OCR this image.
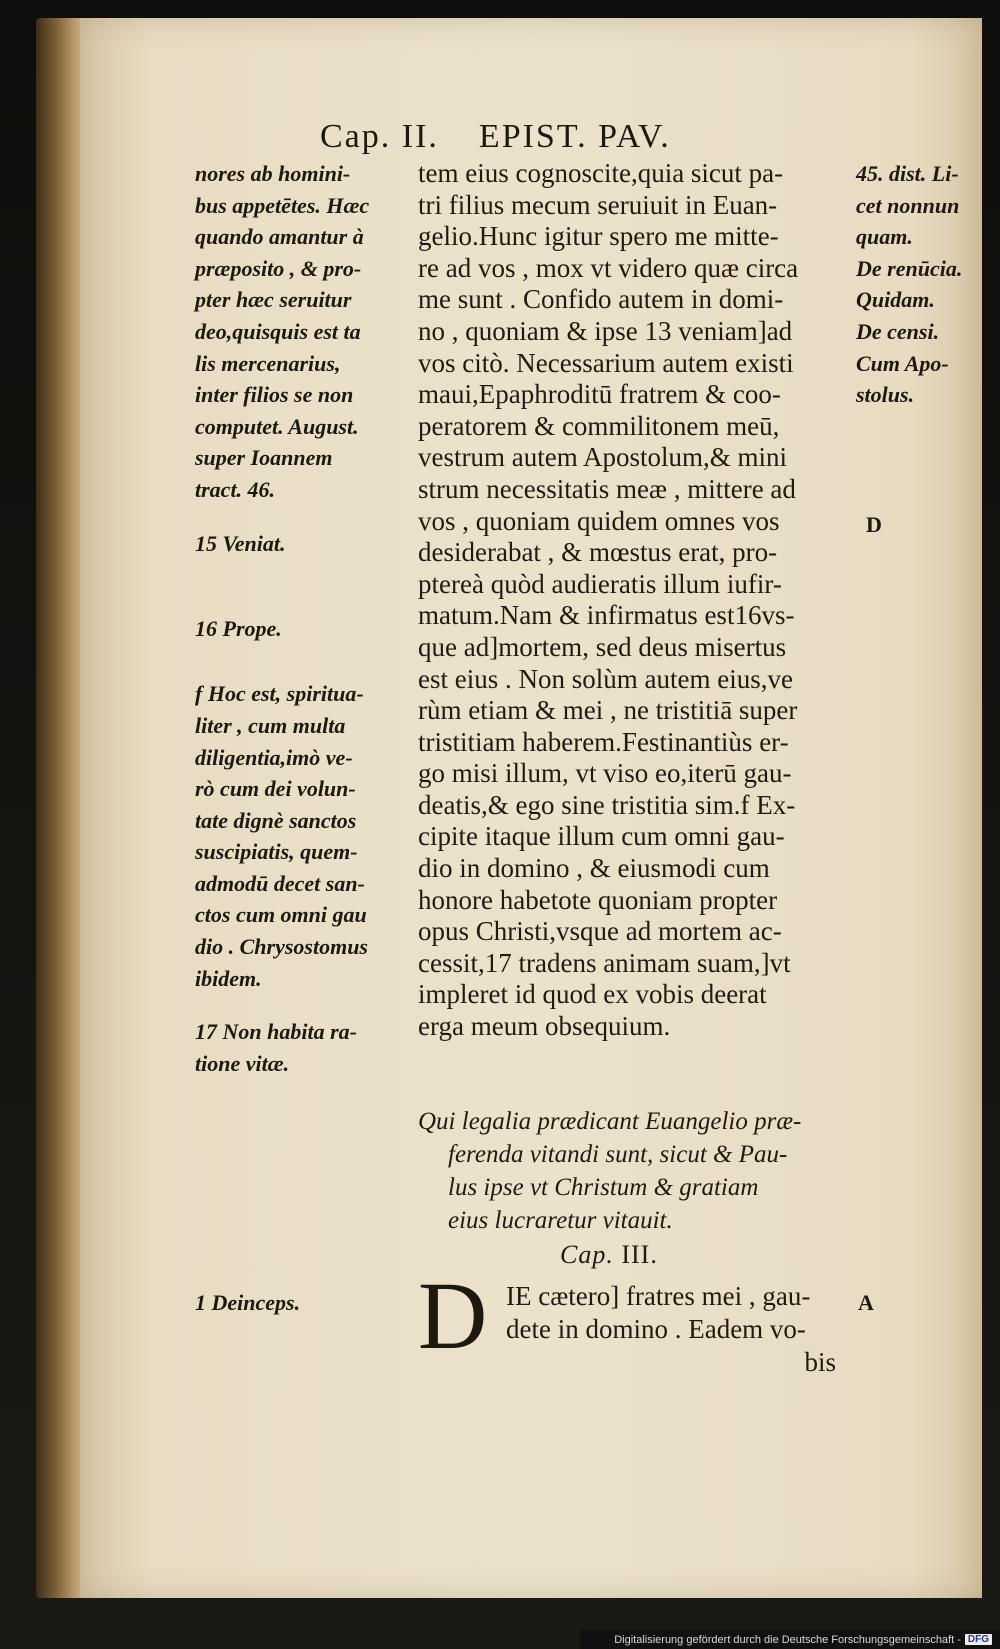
Cap. II. EPIST. PAV.
nores ab homini-
bus appetētes. Hæc
quando amantur à
præposito , & pro-
pter hæc seruitur
deo,quisquis est ta
lis mercenarius,
inter filios se non
computet. August.
super Ioannem
tract. 46.
15 Veniat.
16 Prope.
f Hoc est, spiritua-
liter , cum multa
diligentia,imò ve-
rò cum dei volun-
tate dignè sanctos
suscipiatis, quem-
admodū decet san-
ctos cum omni gau
dio . Chrysostomus
ibidem.
17 Non habita ra-
tione vitæ.
tem eius cognoscite,quia sicut pa-
tri filius mecum seruiuit in Euan-
gelio.Hunc igitur spero me mitte-
re ad vos , mox vt videro quæ circa
me sunt . Confido autem in domi-
no , quoniam & ipse 13 veniam]ad
vos citò. Necessarium autem existi
maui,Epaphroditū fratrem & coo-
peratorem & commilitonem meū,
vestrum autem Apostolum,& mini
strum necessitatis meæ , mittere ad
vos , quoniam quidem omnes vos
desiderabat , & mœstus erat, pro-
ptereà quòd audieratis illum iufir-
matum.Nam & infirmatus est16vs-
que ad]mortem, sed deus misertus
est eius . Non solùm autem eius,ve
rùm etiam & mei , ne tristitiā super
tristitiam haberem.Festinantiùs er-
go misi illum, vt viso eo,iterū gau-
deatis,& ego sine tristitia sim.f Ex-
cipite itaque illum cum omni gau-
dio in domino , & eiusmodi cum
honore habetote quoniam propter
opus Christi,vsque ad mortem ac-
cessit,17 tradens animam suam,]vt
impleret id quod ex vobis deerat
erga meum obsequium.
45. dist. Li-
cet nonnun
quam.
De renūcia.
Quidam.
De censi.
Cum Apo-
stolus.
D
A
Qui legalia prædicant Euangelio præ-
ferenda vitandi sunt, sicut & Pau-
lus ipse vt Christum & gratiam
eius lucraretur vitauit.
Cap. III.
1 Deinceps. D IE cætero] fratres mei , gau-
dete in domino . Eadem vo-
bis
Digitalisierung gefördert durch die Deutsche Forschungsgemeinschaft - DFG
